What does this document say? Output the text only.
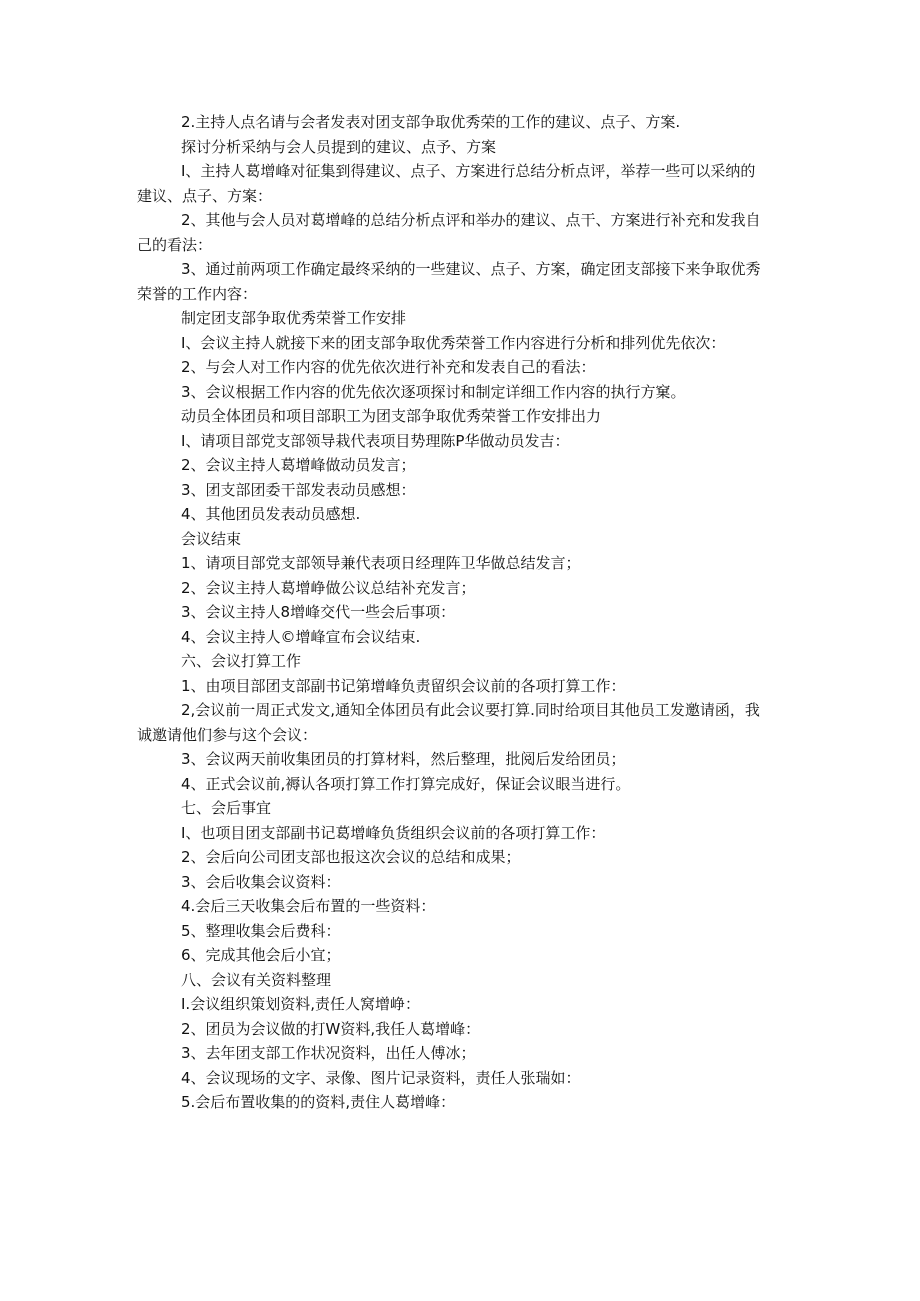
2.主持人点名请与会者发表对团支部争取优秀荣的工作的建议、点子、方案.
探讨分析采纳与会人员提到的建议、点予、方案
I、主持人葛增峰对征集到得建议、点子、方案进行总结分析点评，举荐一些可以采纳的
建议、点子、方案：
2、其他与会人员对葛增峰的总结分析点评和举办的建议、点干、方案进行补充和发我自
己的看法：
3、通过前两项工作确定最终采纳的一些建议、点子、方案，确定团支部接下来争取优秀
荣誉的工作内容：
制定团支部争取优秀荣誉工作安排
I、会议主持人就接下来的团支部争取优秀荣誉工作内容进行分析和排列优先依次：
2、与会人对工作内容的优先依次进行补充和发表自己的看法：
3、会议根据工作内容的优先依次逐项探讨和制定详细工作内容的执行方窠。
动员全体团员和项目部职工为团支部争取优秀荣誉工作安排出力
I、请项目部党支部领导栽代表项目势理陈P华做动员发吉：
2、会议主持人葛增峰做动员发言；
3、团支部团委干部发表动员感想：
4、其他团员发表动员感想.
会议结束
1、请项目部党支部领导兼代表项日经理阵卫华做总结发言；
2、会议主持人葛增峥做公议总结补充发言；
3、会议主持人8增峰交代一些会后事项：
4、会议主持人©增峰宣布会议结束.
六、会议打算工作
1、由项目部团支部副书记第增峰负责留织会议前的各项打算工作：
2,会议前一周正式发文,通知全体团员有此会议要打算.同时给项目其他员工发邀请函，我
诚邀请他们参与这个会议：
3、会议两天前收集团员的打算材料，然后整理，批阅后发给团员；
4、正式会议前,褥认各项打算工作打算完成好，保证会议眼当进行。
七、会后事宜
I、也项目团支部副书记葛增峰负货组织会议前的各项打算工作：
2、会后向公司团支部也报这次会议的总结和成果；
3、会后收集会议资料：
4.会后三天收集会后布置的一些资料：
5、整理收集会后费科：
6、完成其他会后小宜；
八、会议有关资料整理
I.会议组织策划资料,责任人窝增峥：
2、团员为会议做的打W资料,我任人葛增峰：
3、去年团支部工作状况资料，出任人傅冰；
4、会议现场的文字、录像、图片记录资料，责任人张瑞如：
5.会后布置收集的的资料,责住人葛增峰：
